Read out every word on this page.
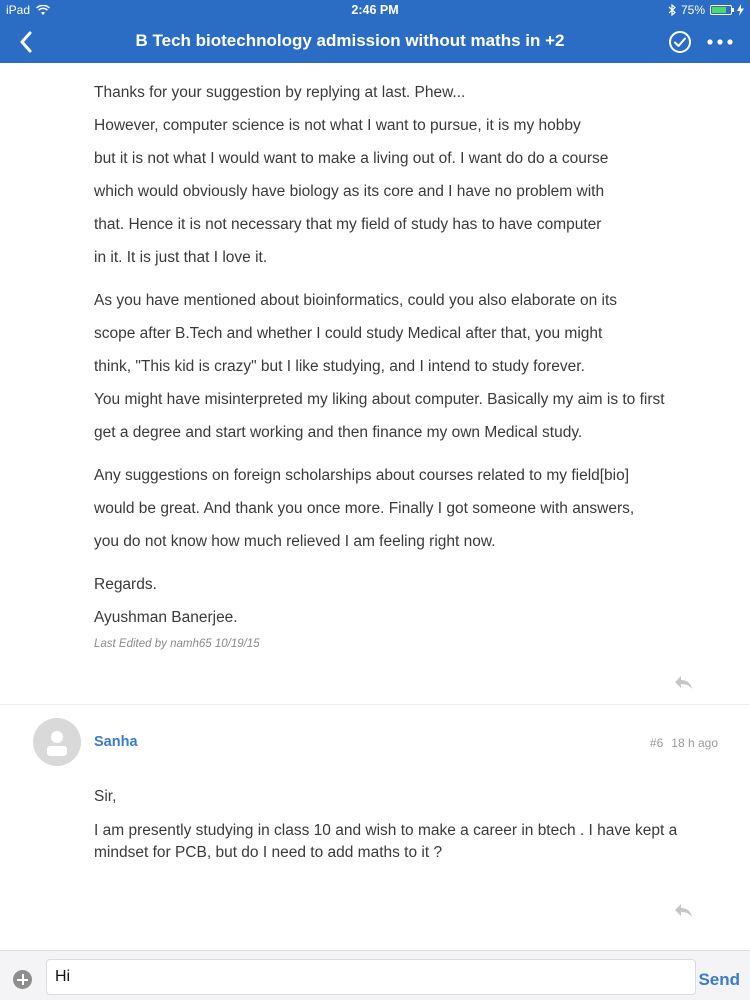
iPad	2:46 PM	75%
B Tech biotechnology admission without maths in +2
Thanks for your suggestion by replying at last. Phew...
However, computer science is not what I want to pursue, it is my hobby
but it is not what I would want to make a living out of. I want do do a course
which would obviously have biology as its core and I have no problem with
that. Hence it is not necessary that my field of study has to have computer
in it. It is just that I love it.
As you have mentioned about bioinformatics, could you also elaborate on its
scope after B.Tech and whether I could study Medical after that, you might
think, "This kid is crazy" but I like studying, and I intend to study forever.
You might have misinterpreted my liking about computer. Basically my aim is to first
get a degree and start working and then finance my own Medical study.
Any suggestions on foreign scholarships about courses related to my field[bio]
would be great. And thank you once more. Finally I got someone with answers,
you do not know how much relieved I am feeling right now.
Regards.
Ayushman Banerjee.
Last Edited by namh65 10/19/15
Sanha	#6 18 h ago
Sir,
I am presently studying in class 10 and wish to make a career in btech . I have kept a
mindset for PCB, but do I need to add maths to it ?
Hi
Send
